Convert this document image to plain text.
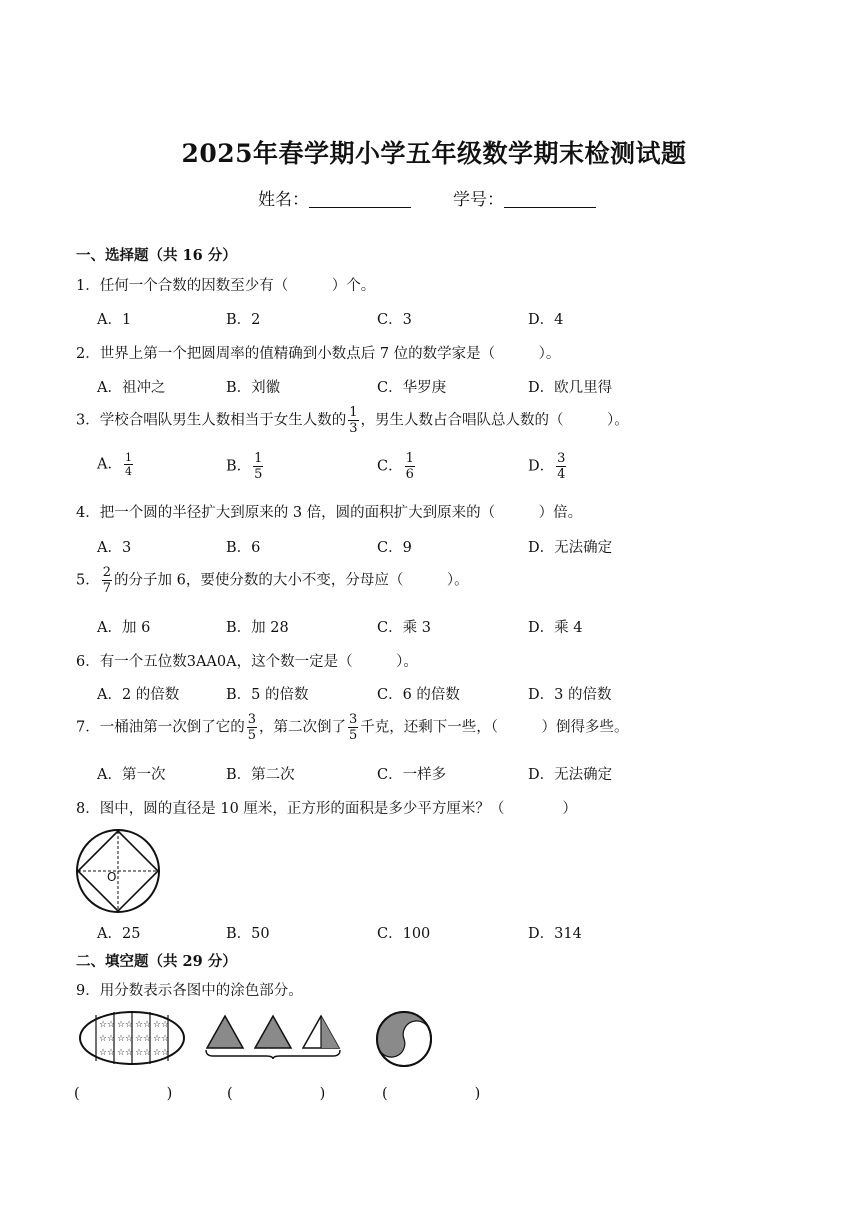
2025年春学期小学五年级数学期末检测试题
姓名：	学号：
一、选择题（共 16 分）
1．任何一个合数的因数至少有（　　　）个。
A．1	B．2	C．3	D．4
2．世界上第一个把圆周率的值精确到小数点后 7 位的数学家是（　　　）。
A．祖冲之	B．刘徽	C．华罗庚	D．欧几里得
3．学校合唱队男生人数相当于女生人数的 $\frac{1}{3}$ ，男生人数占合唱队总人数的（　　　）。
A． $\frac{1}{4}$	B． $\frac{1}{5}$	C． $\frac{1}{6}$	D． $\frac{3}{4}$
4．把一个圆的半径扩大到原来的 3 倍，圆的面积扩大到原来的（　　　）倍。
A．3	B．6	C．9	D．无法确定
5． $\frac{2}{7}$ 的分子加 6，要使分数的大小不变，分母应（　　　）。
A．加 6	B．加 28	C．乘 3	D．乘 4
6．有一个五位数3AA0A，这个数一定是（　　　）。
A．2 的倍数	B．5 的倍数	C．6 的倍数	D．3 的倍数
7．一桶油第一次倒了它的 $\frac{3}{5}$ ，第二次倒了 $\frac{3}{5}$ 千克，还剩下一些，（　　　）倒得多些。
A．第一次	B．第二次	C．一样多	D．无法确定
8．图中，圆的直径是 10 厘米，正方形的面积是多少平方厘米？（　　　　）
O
A．25	B．50	C．100	D．314
二、填空题（共 29 分）
9．用分数表示各图中的涂色部分。
☆ ☆
☆ ☆
☆ ☆
☆ ☆
☆ ☆
☆ ☆
☆ ☆
☆ ☆
☆ ☆
☆ ☆
☆ ☆
☆ ☆
(　　　　　　)	(　　　　　　)	(　　　　　　)
